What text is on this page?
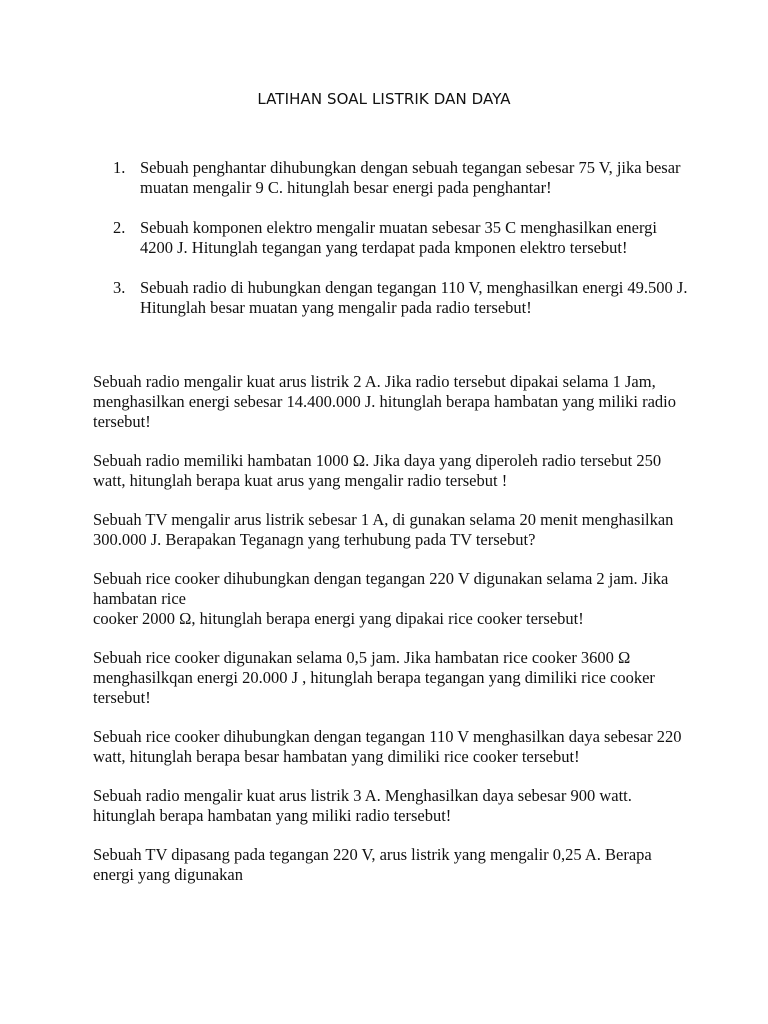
LATIHAN SOAL LISTRIK DAN DAYA
1. Sebuah penghantar dihubungkan dengan sebuah tegangan sebesar 75 V, jika besar muatan mengalir 9 C. hitunglah besar energi pada penghantar!
2. Sebuah komponen elektro mengalir muatan sebesar 35 C menghasilkan energi 4200 J. Hitunglah tegangan yang terdapat pada kmponen elektro tersebut!
3. Sebuah radio di hubungkan dengan tegangan 110 V, menghasilkan energi 49.500 J. Hitunglah besar muatan yang mengalir pada radio tersebut!

Sebuah radio mengalir kuat arus listrik 2 A. Jika radio tersebut dipakai selama 1 Jam, menghasilkan energi sebesar 14.400.000 J. hitunglah berapa hambatan yang miliki radio tersebut!

Sebuah radio memiliki hambatan 1000 Ω. Jika daya yang diperoleh radio tersebut 250 watt, hitunglah berapa kuat arus yang mengalir radio tersebut !

Sebuah TV mengalir arus listrik sebesar 1 A, di gunakan selama 20 menit menghasilkan 300.000 J. Berapakan Teganagn yang terhubung pada TV tersebut?

Sebuah rice cooker dihubungkan dengan tegangan 220 V digunakan selama 2 jam. Jika hambatan rice
cooker 2000 Ω, hitunglah berapa energi yang dipakai rice cooker tersebut!

Sebuah rice cooker digunakan selama 0,5 jam. Jika hambatan rice cooker 3600 Ω menghasilkqan energi 20.000 J , hitunglah berapa tegangan yang dimiliki rice cooker tersebut!

Sebuah rice cooker dihubungkan dengan tegangan 110 V menghasilkan daya sebesar 220 watt, hitunglah berapa besar hambatan yang dimiliki rice cooker tersebut!

Sebuah radio mengalir kuat arus listrik 3 A. Menghasilkan daya sebesar 900 watt. hitunglah berapa hambatan yang miliki radio tersebut!

Sebuah TV dipasang pada tegangan 220 V, arus listrik yang mengalir 0,25 A. Berapa energi yang digunakan
